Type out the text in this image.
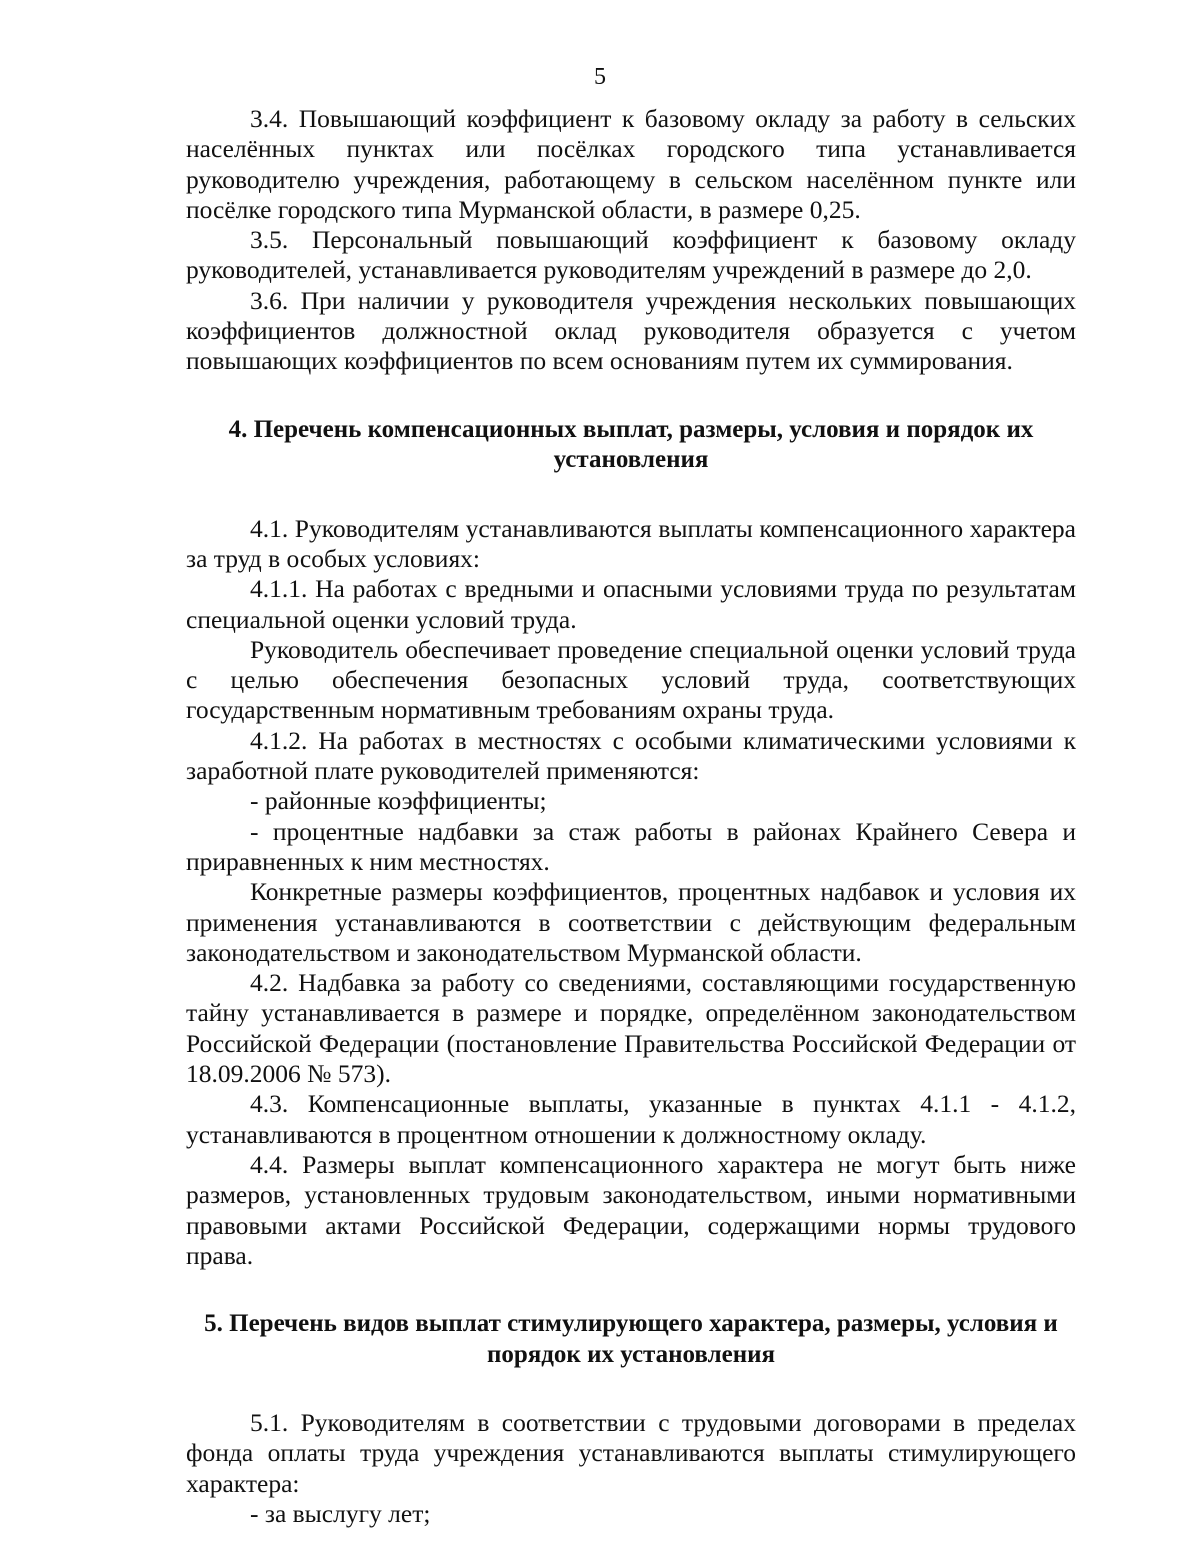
5

3.4. Повышающий коэффициент к базовому окладу за работу в сельских населённых пунктах или посёлках городского типа устанавливается руководителю учреждения, работающему в сельском населённом пункте или посёлке городского типа Мурманской области, в размере 0,25.

3.5. Персональный повышающий коэффициент к базовому окладу руководителей, устанавливается руководителям учреждений в размере до 2,0.

3.6. При наличии у руководителя учреждения нескольких повышающих коэффициентов должностной оклад руководителя образуется с учетом повышающих коэффициентов по всем основаниям путем их суммирования.

4. Перечень компенсационных выплат, размеры, условия и порядок их установления

4.1. Руководителям устанавливаются выплаты компенсационного характера за труд в особых условиях:

4.1.1. На работах с вредными и опасными условиями труда по результатам специальной оценки условий труда.

Руководитель обеспечивает проведение специальной оценки условий труда с целью обеспечения безопасных условий труда, соответствующих государственным нормативным требованиям охраны труда.

4.1.2. На работах в местностях с особыми климатическими условиями к заработной плате руководителей применяются:

- районные коэффициенты;

- процентные надбавки за стаж работы в районах Крайнего Севера и приравненных к ним местностях.

Конкретные размеры коэффициентов, процентных надбавок и условия их применения устанавливаются в соответствии с действующим федеральным законодательством и законодательством Мурманской области.

4.2. Надбавка за работу со сведениями, составляющими государственную тайну устанавливается в размере и порядке, определённом законодательством Российской Федерации (постановление Правительства Российской Федерации от 18.09.2006 № 573).

4.3. Компенсационные выплаты, указанные в пунктах 4.1.1 - 4.1.2, устанавливаются в процентном отношении к должностному окладу.

4.4. Размеры выплат компенсационного характера не могут быть ниже размеров, установленных трудовым законодательством, иными нормативными правовыми актами Российской Федерации, содержащими нормы трудового права.

5. Перечень видов выплат стимулирующего характера, размеры, условия и порядок их установления

5.1. Руководителям в соответствии с трудовыми договорами в пределах фонда оплаты труда учреждения устанавливаются выплаты стимулирующего характера:

- за выслугу лет;
